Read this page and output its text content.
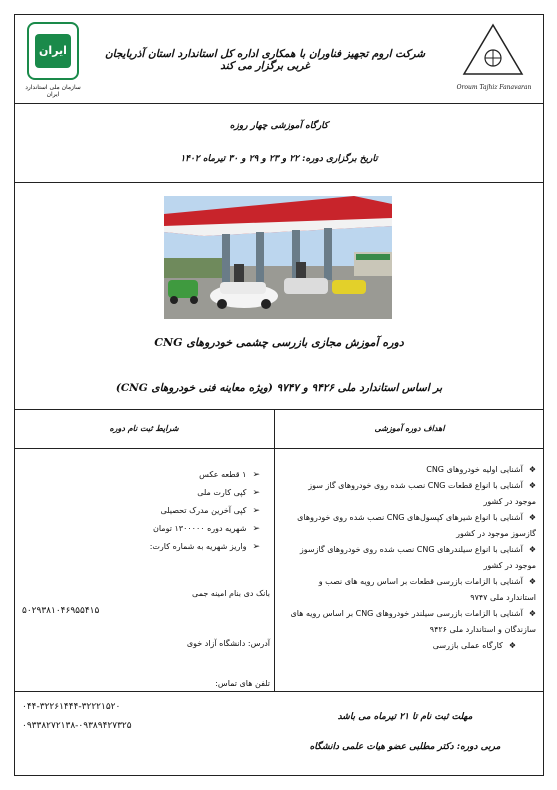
ایران
سازمان ملی استاندارد ایران
شرکت اروم تجهیز فناوران با همکاری اداره کل استاندارد استان آذربایجان غربی برگزار می کند
Oroum Tajhiz Fanavaran
کارگاه آموزشی چهار روزه
تاریخ برگزاری دوره: ۲۲ و ۲۳ و ۲۹ و ۳۰ تیرماه ۱۴۰۲
دوره آموزش مجازی بازرسی چشمی خودروهای CNG
بر اساس استاندارد ملی ۹۴۲۶ و ۹۷۴۷ (ویژه معاینه فنی خودروهای CNG)
اهداف دوره آموزشی
شرایط ثبت نام دوره
❖ آشنایی اولیه خودروهای CNG
❖ آشنایی با انواع قطعات CNG نصب شده روی خودروهای گاز سوز موجود در کشور
❖ آشنایی با انواع شیرهای کپسول‌های CNG نصب شده روی خودروهای گازسوز موجود در کشور
❖ آشنایی با انواع سیلندرهای CNG نصب شده روی خودروهای گازسوز موجود در کشور
❖ آشنایی با الزامات بازرسی قطعات بر اساس رویه های نصب و استاندارد ملی ۹۷۴۷
❖ آشنایی با الزامات بازرسی سیلندر خودروهای CNG بر اساس رویه های سازندگان و استاندارد ملی ۹۴۲۶
❖ کارگاه عملی بازرسی
➢ ۱ قطعه عکس
➢ کپی کارت ملی
➢ کپی آخرین مدرک تحصیلی
➢ شهریه دوره ۱۳۰۰۰۰۰ تومان
➢ واریز شهریه به شماره کارت:
بانک دی بنام امینه جمی
۵۰۲۹۳۸۱۰۴۶۹۵۵۴۱۵
آدرس: دانشگاه آزاد خوی
تلفن های تماس:
۰۴۴-۳۲۲۶۱۴۴۴-۳۲۲۲۱۵۲۰
۰۹۳۳۸۲۷۲۱۳۸-۰۹۳۸۹۴۲۷۳۲۵
مهلت ثبت نام تا ۲۱ تیرماه می باشد
مربی دوره: دکتر مطلبی عضو هیات علمی دانشگاه
